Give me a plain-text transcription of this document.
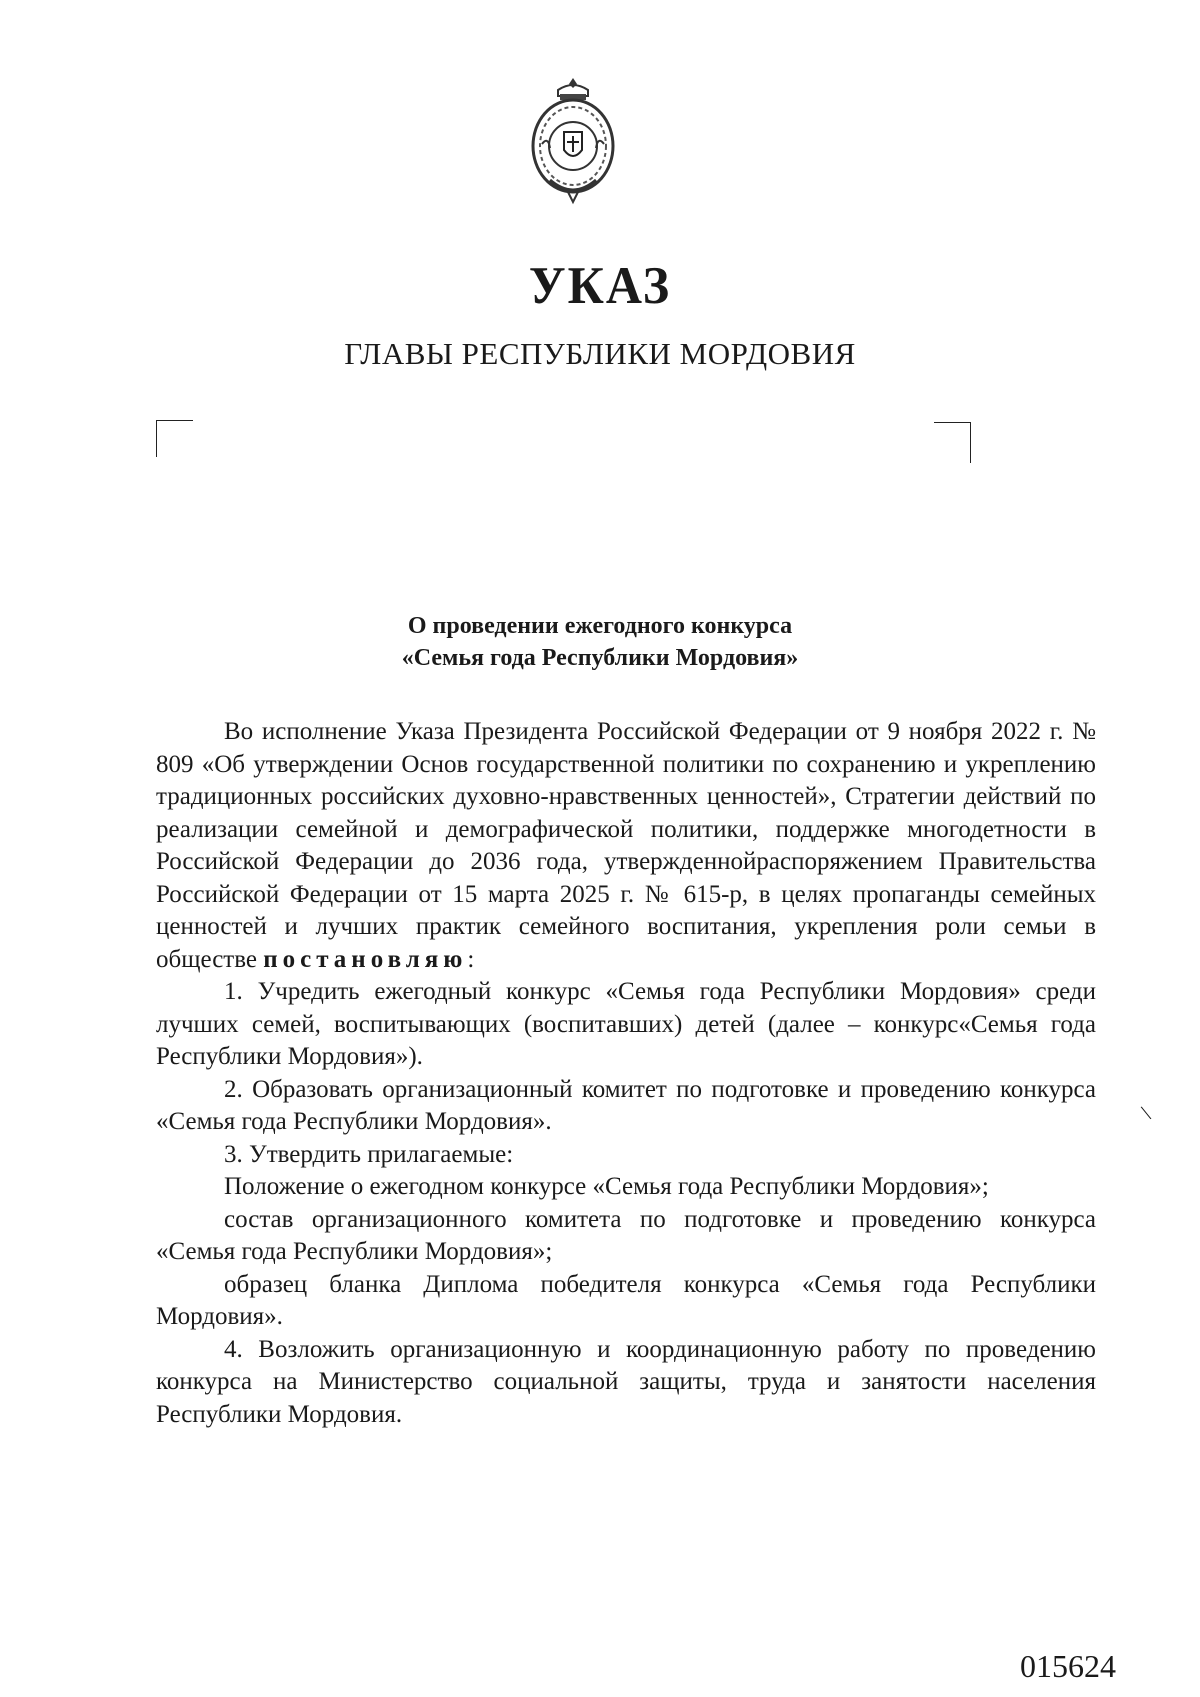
УКАЗ
ГЛАВЫ РЕСПУБЛИКИ МОРДОВИЯ
О проведении ежегодного конкурса
«Семья года Республики Мордовия»

Во исполнение Указа Президента Российской Федерации от 9 ноября 2022 г. № 809 «Об утверждении Основ государственной политики по сохранению и укреплению традиционных российских духовно-нравственных ценностей», Стратегии действий по реализации семейной и демографической политики, поддержке многодетности в Российской Федерации до 2036 года, утвержденнойраспоряжением Правительства Российской Федерации от 15 марта 2025 г. № 615-р, в целях пропаганды семейных ценностей и лучших практик семейного воспитания, укрепления роли семьи в обществе постановляю:

1. Учредить ежегодный конкурс «Семья года Республики Мордовия» среди лучших семей, воспитывающих (воспитавших) детей (далее – конкурс«Семья года Республики Мордовия»).

2. Образовать организационный комитет по подготовке и проведению конкурса «Семья года Республики Мордовия».

3. Утвердить прилагаемые:

Положение о ежегодном конкурсе «Семья года Республики Мордовия»;

состав организационного комитета по подготовке и проведению конкурса «Семья года Республики Мордовия»;

образец бланка Диплома победителя конкурса «Семья года Республики Мордовия».

4. Возложить организационную и координационную работу по проведению конкурса на Министерство социальной защиты, труда и занятости населения Республики Мордовия.

\
015624
